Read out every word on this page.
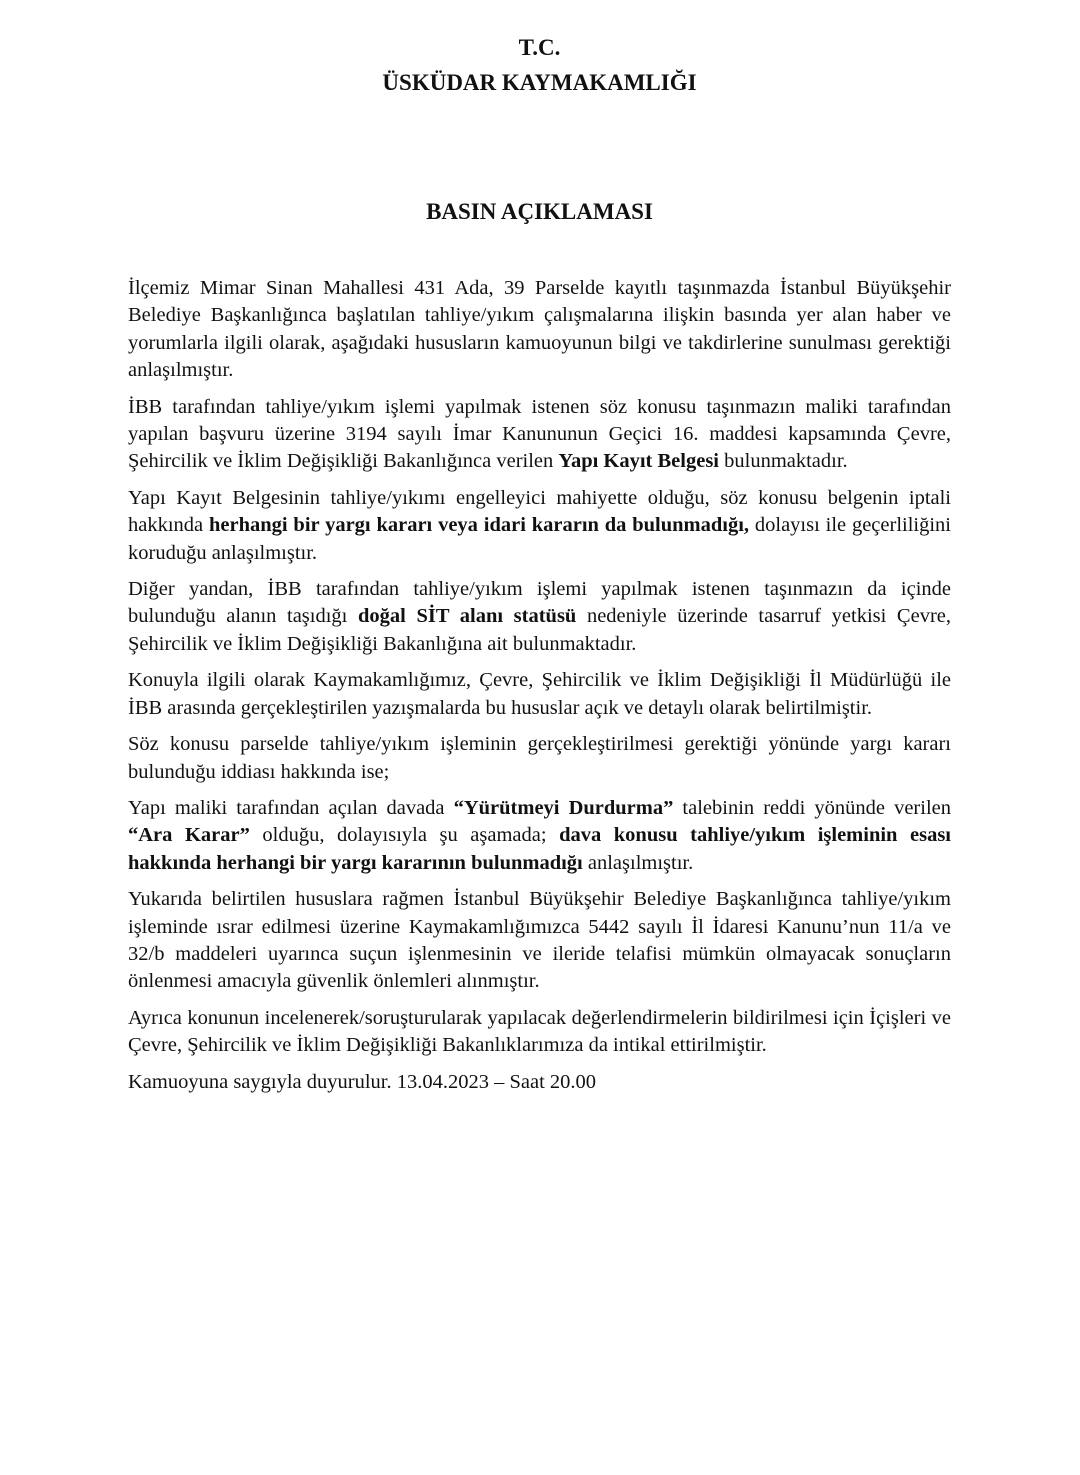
T.C.

ÜSKÜDAR KAYMAKAMLIĞI

BASIN AÇIKLAMASI

İlçemiz Mimar Sinan Mahallesi 431 Ada, 39 Parselde kayıtlı taşınmazda İstanbul Büyükşehir Belediye Başkanlığınca başlatılan tahliye/yıkım çalışmalarına ilişkin basında yer alan haber ve yorumlarla ilgili olarak, aşağıdaki hususların kamuoyunun bilgi ve takdirlerine sunulması gerektiği anlaşılmıştır.

İBB tarafından tahliye/yıkım işlemi yapılmak istenen söz konusu taşınmazın maliki tarafından yapılan başvuru üzerine 3194 sayılı İmar Kanununun Geçici 16. maddesi kapsamında Çevre, Şehircilik ve İklim Değişikliği Bakanlığınca verilen Yapı Kayıt Belgesi bulunmaktadır.

Yapı Kayıt Belgesinin tahliye/yıkımı engelleyici mahiyette olduğu, söz konusu belgenin iptali hakkında herhangi bir yargı kararı veya idari kararın da bulunmadığı, dolayısı ile geçerliliğini koruduğu anlaşılmıştır.

Diğer yandan, İBB tarafından tahliye/yıkım işlemi yapılmak istenen taşınmazın da içinde bulunduğu alanın taşıdığı doğal SİT alanı statüsü nedeniyle üzerinde tasarruf yetkisi Çevre, Şehircilik ve İklim Değişikliği Bakanlığına ait bulunmaktadır.

Konuyla ilgili olarak Kaymakamlığımız, Çevre, Şehircilik ve İklim Değişikliği İl Müdürlüğü ile İBB arasında gerçekleştirilen yazışmalarda bu hususlar açık ve detaylı olarak belirtilmiştir.

Söz konusu parselde tahliye/yıkım işleminin gerçekleştirilmesi gerektiği yönünde yargı kararı bulunduğu iddiası hakkında ise;

Yapı maliki tarafından açılan davada “Yürütmeyi Durdurma” talebinin reddi yönünde verilen “Ara Karar” olduğu, dolayısıyla şu aşamada; dava konusu tahliye/yıkım işleminin esası hakkında herhangi bir yargı kararının bulunmadığı anlaşılmıştır.

Yukarıda belirtilen hususlara rağmen İstanbul Büyükşehir Belediye Başkanlığınca tahliye/yıkım işleminde ısrar edilmesi üzerine Kaymakamlığımızca 5442 sayılı İl İdaresi Kanunu’nun 11/a ve 32/b maddeleri uyarınca suçun işlenmesinin ve ileride telafisi mümkün olmayacak sonuçların önlenmesi amacıyla güvenlik önlemleri alınmıştır.

Ayrıca konunun incelenerek/soruşturularak yapılacak değerlendirmelerin bildirilmesi için İçişleri ve Çevre, Şehircilik ve İklim Değişikliği Bakanlıklarımıza da intikal ettirilmiştir.

Kamuoyuna saygıyla duyurulur. 13.04.2023 – Saat 20.00
